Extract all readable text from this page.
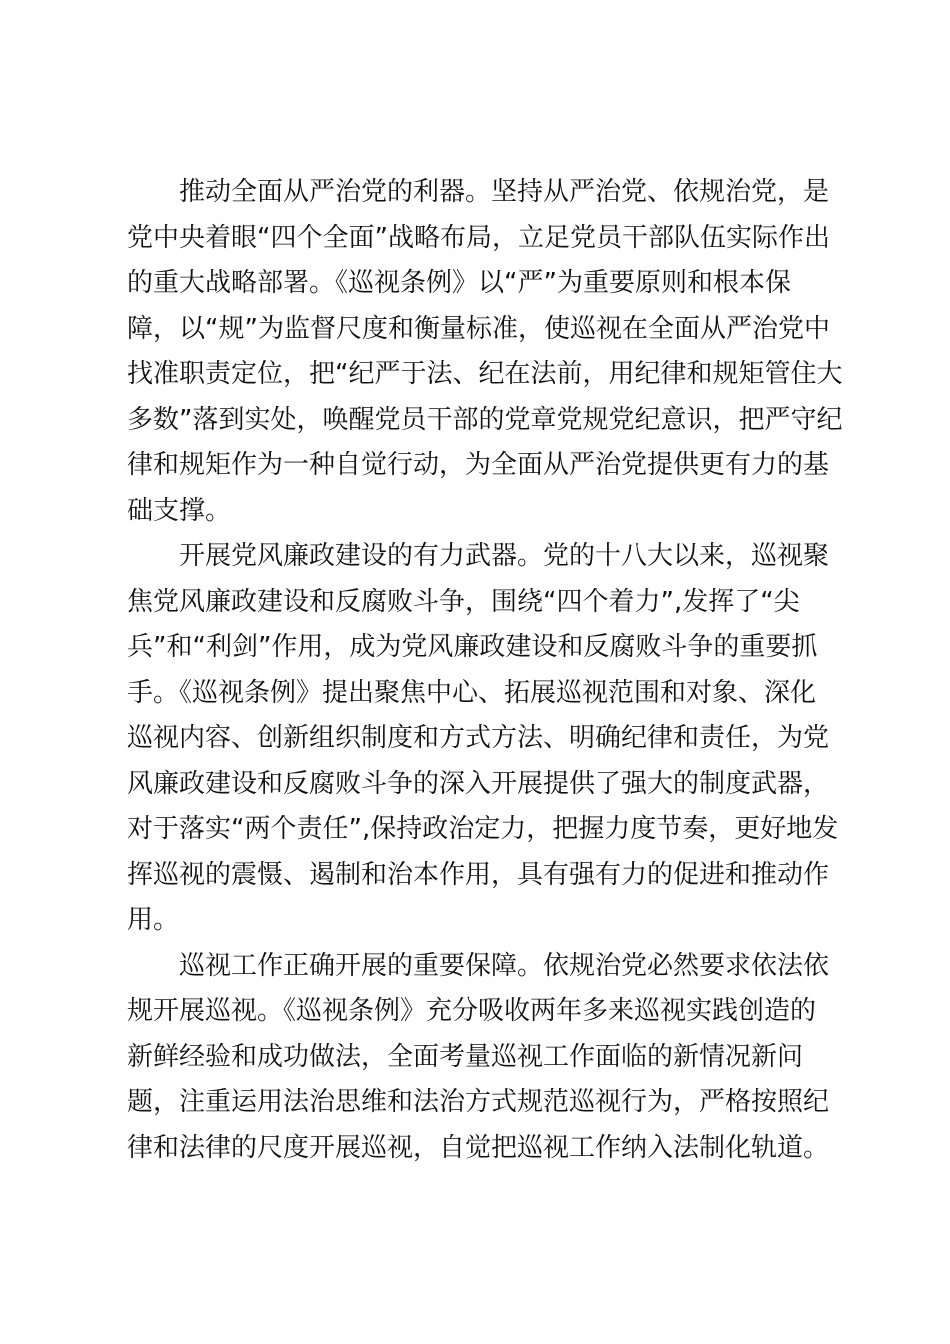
　　推动全面从严治党的利器。坚持从严治党、依规治党，是
党中央着眼“四个全面”战略布局，立足党员干部队伍实际作出
的重大战略部署。《巡视条例》以“严”为重要原则和根本保
障，以“规”为监督尺度和衡量标准，使巡视在全面从严治党中
找准职责定位，把“纪严于法、纪在法前，用纪律和规矩管住大
多数”落到实处，唤醒党员干部的党章党规党纪意识，把严守纪
律和规矩作为一种自觉行动，为全面从严治党提供更有力的基
础支撑。
　　开展党风廉政建设的有力武器。党的十八大以来，巡视聚
焦党风廉政建设和反腐败斗争，围绕“四个着力”,发挥了“尖
兵”和“利剑”作用，成为党风廉政建设和反腐败斗争的重要抓
手。《巡视条例》提出聚焦中心、拓展巡视范围和对象、深化
巡视内容、创新组织制度和方式方法、明确纪律和责任，为党
风廉政建设和反腐败斗争的深入开展提供了强大的制度武器，
对于落实“两个责任”,保持政治定力，把握力度节奏，更好地发
挥巡视的震慑、遏制和治本作用，具有强有力的促进和推动作
用。
　　巡视工作正确开展的重要保障。依规治党必然要求依法依
规开展巡视。《巡视条例》充分吸收两年多来巡视实践创造的
新鲜经验和成功做法，全面考量巡视工作面临的新情况新问
题，注重运用法治思维和法治方式规范巡视行为，严格按照纪
律和法律的尺度开展巡视，自觉把巡视工作纳入法制化轨道。
